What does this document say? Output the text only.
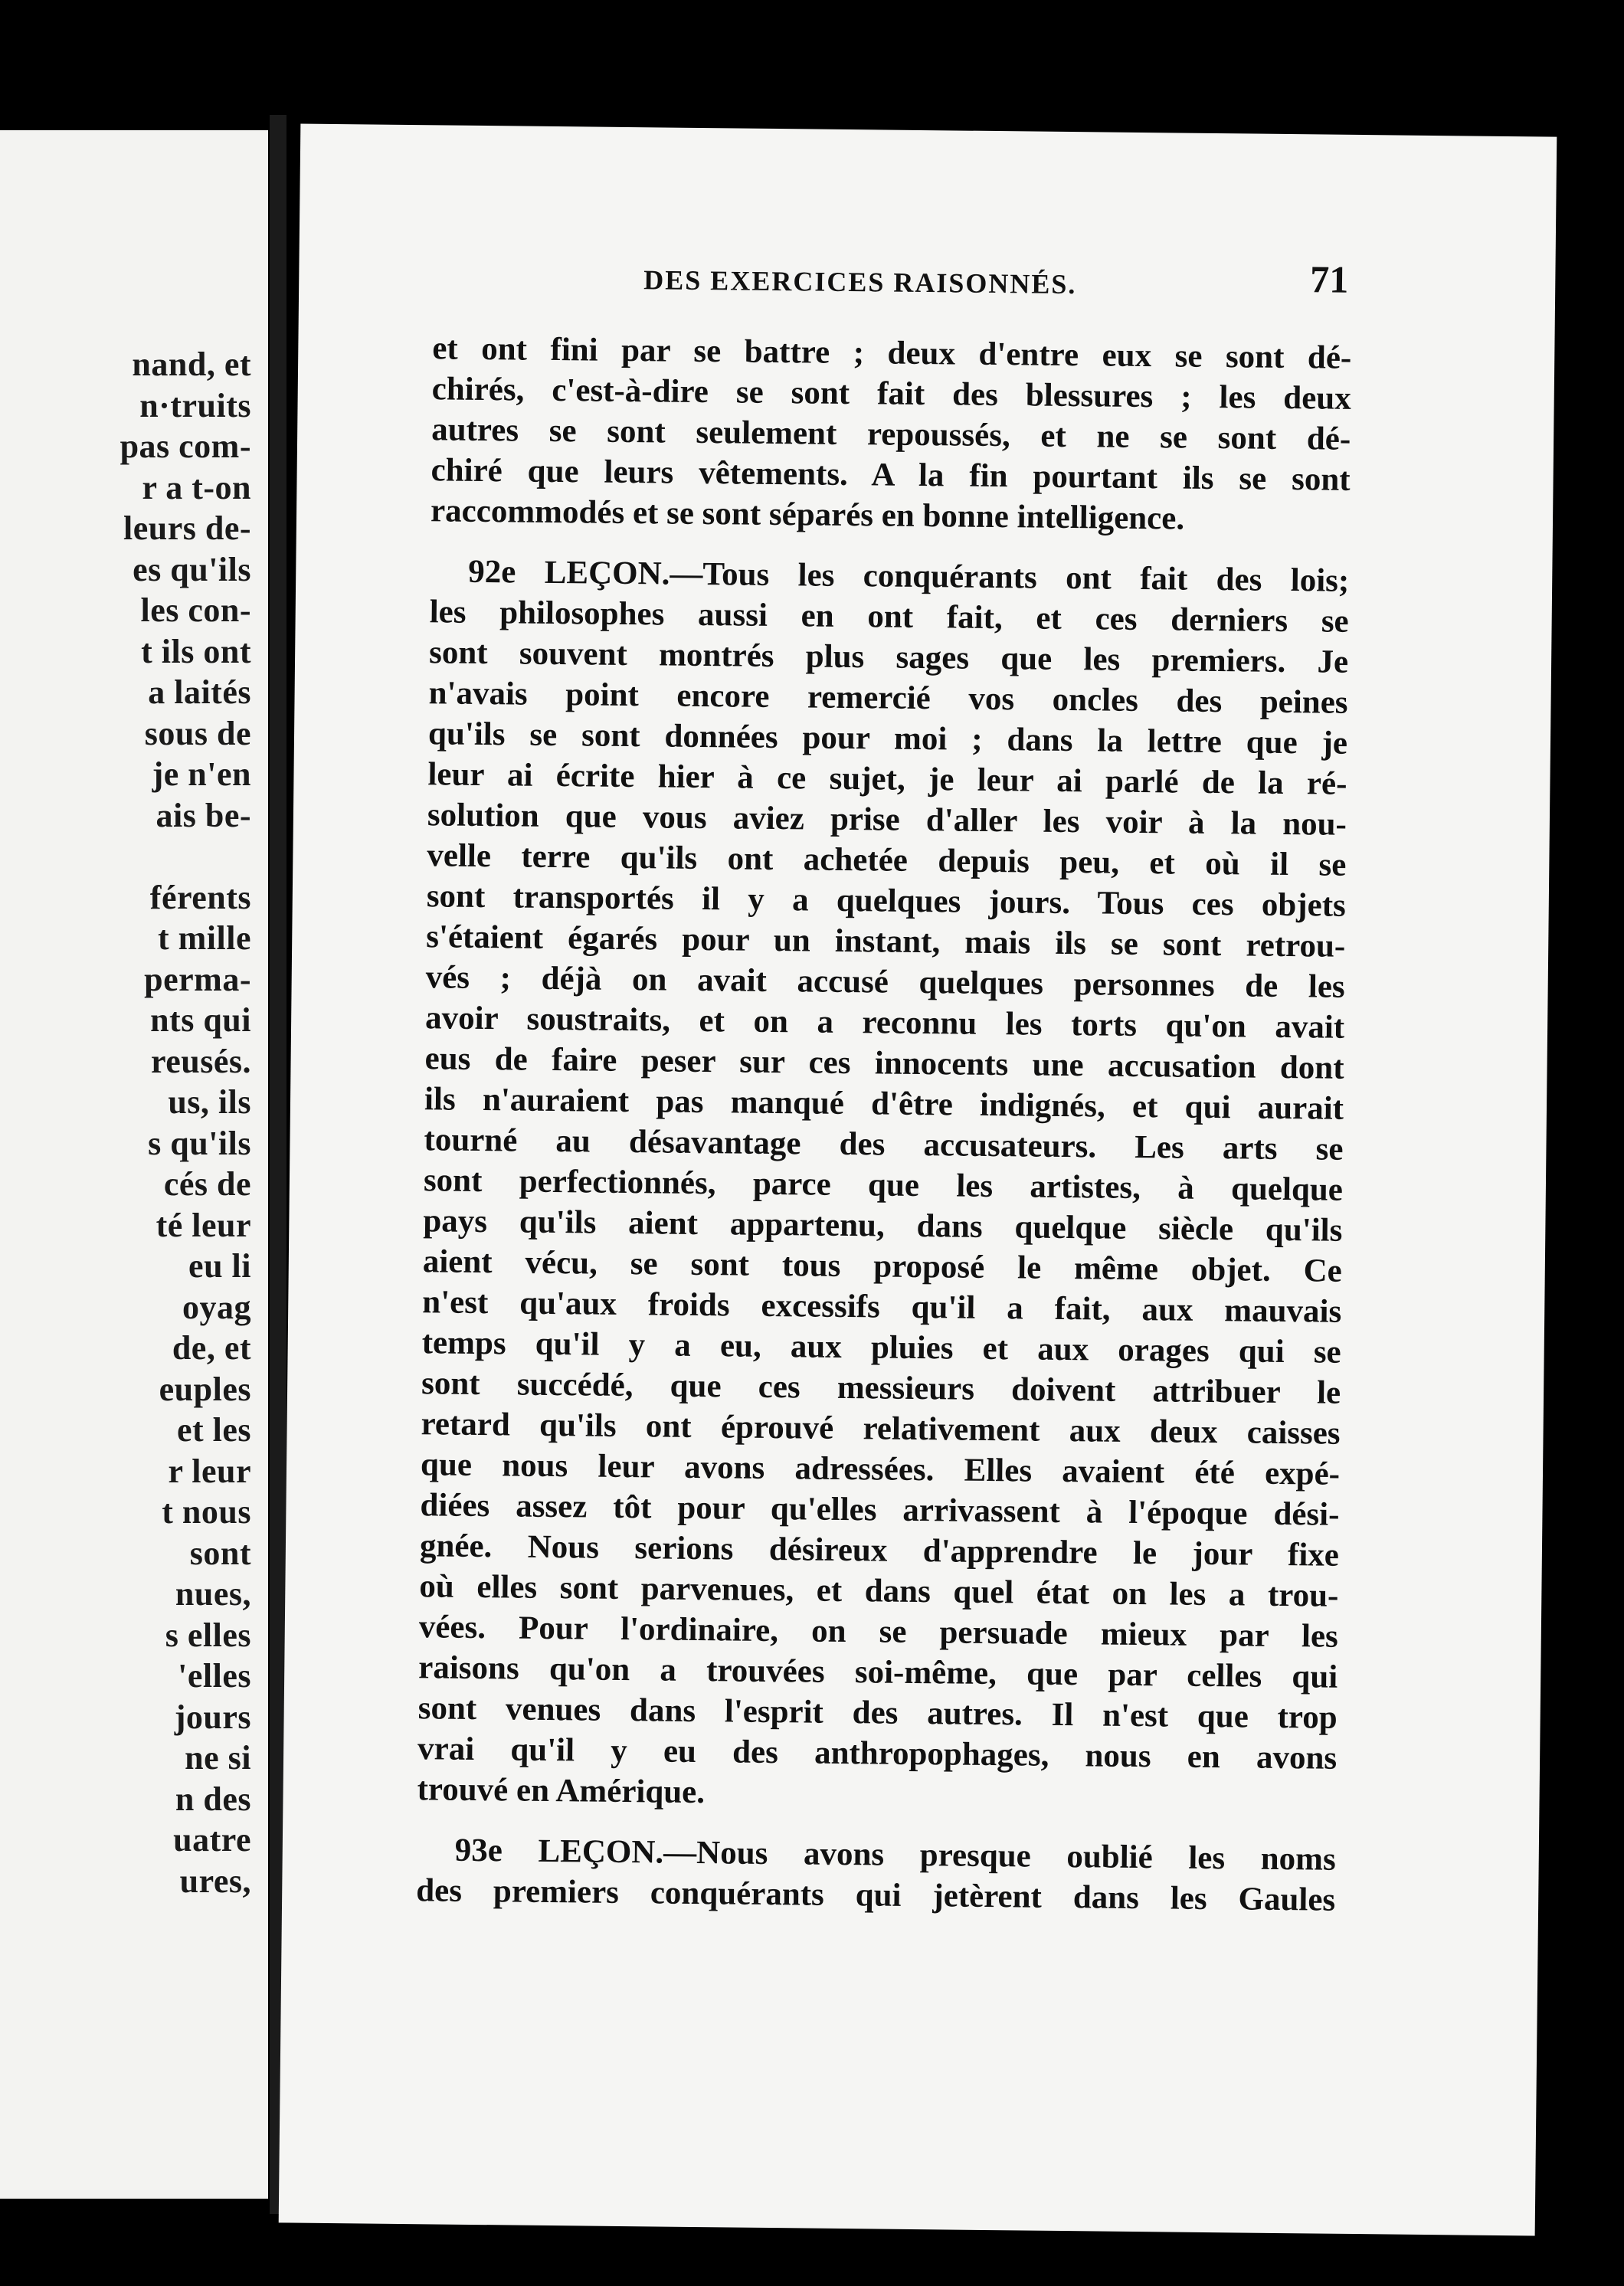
nand, et
n·truits
pas com-
r a t-on
leurs de-
es qu'ils
les con-
t ils ont
a laités
sous de
je n'en
ais be-
férents
t mille
perma-
nts qui
reusés.
us, ils
s qu'ils
cés de
té leur
eu li
oyag
de, et
euples
et les
r leur
t nous
sont
nues,
s elles
'elles
jours
ne si
n des
uatre
ures,
DES EXERCICES RAISONNÉS.	71
et ont fini par se battre ; deux d'entre eux se sont dé-
chirés, c'est-à-dire se sont fait des blessures ; les deux
autres se sont seulement repoussés, et ne se sont dé-
chiré que leurs vêtements. A la fin pourtant ils se sont
raccommodés et se sont séparés en bonne intelligence.
92e LEÇON.—Tous les conquérants ont fait des lois;
les philosophes aussi en ont fait, et ces derniers se
sont souvent montrés plus sages que les premiers. Je
n'avais point encore remercié vos oncles des peines
qu'ils se sont données pour moi ; dans la lettre que je
leur ai écrite hier à ce sujet, je leur ai parlé de la ré-
solution que vous aviez prise d'aller les voir à la nou-
velle terre qu'ils ont achetée depuis peu, et où il se
sont transportés il y a quelques jours. Tous ces objets
s'étaient égarés pour un instant, mais ils se sont retrou-
vés ; déjà on avait accusé quelques personnes de les
avoir soustraits, et on a reconnu les torts qu'on avait
eus de faire peser sur ces innocents une accusation dont
ils n'auraient pas manqué d'être indignés, et qui aurait
tourné au désavantage des accusateurs. Les arts se
sont perfectionnés, parce que les artistes, à quelque
pays qu'ils aient appartenu, dans quelque siècle qu'ils
aient vécu, se sont tous proposé le même objet. Ce
n'est qu'aux froids excessifs qu'il a fait, aux mauvais
temps qu'il y a eu, aux pluies et aux orages qui se
sont succédé, que ces messieurs doivent attribuer le
retard qu'ils ont éprouvé relativement aux deux caisses
que nous leur avons adressées. Elles avaient été expé-
diées assez tôt pour qu'elles arrivassent à l'époque dési-
gnée. Nous serions désireux d'apprendre le jour fixe
où elles sont parvenues, et dans quel état on les a trou-
vées. Pour l'ordinaire, on se persuade mieux par les
raisons qu'on a trouvées soi-même, que par celles qui
sont venues dans l'esprit des autres. Il n'est que trop
vrai qu'il y eu des anthropophages, nous en avons
trouvé en Amérique.
93e LEÇON.—Nous avons presque oublié les noms
des premiers conquérants qui jetèrent dans les Gaules
